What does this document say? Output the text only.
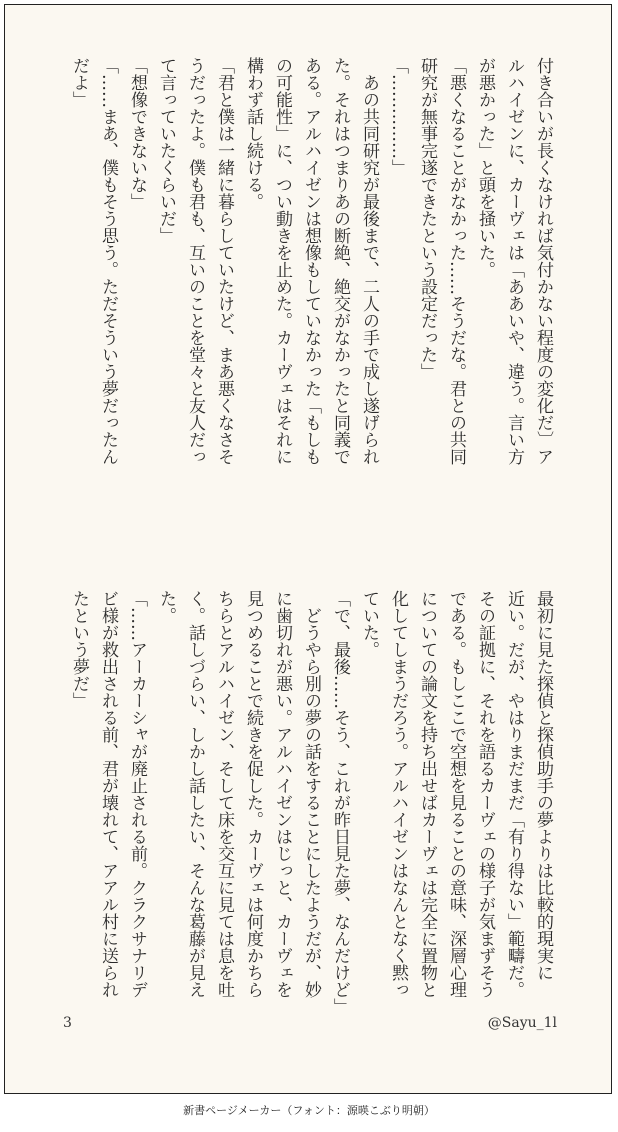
付き合いが長くなければ気付かない程度の変化だ〕ア

ルハイゼンに、カーヴェは「ああいや、違う。言い方

が悪かった」と頭を掻いた。

「悪くなることがなかった……そうだな。君との共同

研究が無事完遂できたという設定だった」

「……………」

　あの共同研究が最後まで、二人の手で成し遂げられ

た。それはつまりあの断絶、絶交がなかったと同義で

ある。アルハイゼンは想像もしていなかった「もしも

の可能性」に、つい動きを止めた。カーヴェはそれに

構わず話し続ける。

「君と僕は一緒に暮らしていたけど、まあ悪くなさそ

うだったよ。僕も君も、互いのことを堂々と友人だっ

て言っていたくらいだ」

「想像できないな」

「……まあ、僕もそう思う。ただそういう夢だったん

だよ」

最初に見た探偵と探偵助手の夢よりは比較的現実に

近い。だが、やはりまだまだ「有り得ない」範疇だ。

その証拠に、それを語るカーヴェの様子が気まずそう

である。もしここで空想を見ることの意味、深層心理

についての論文を持ち出せばカーヴェは完全に置物と

化してしまうだろう。アルハイゼンはなんとなく黙っ

ていた。

「で、最後……そう、これが昨日見た夢、なんだけど」

　どうやら別の夢の話をすることにしたようだが、妙

に歯切れが悪い。アルハイゼンはじっと、カーヴェを

見つめることで続きを促した。カーヴェは何度かちら

ちらとアルハイゼン、そして床を交互に見ては息を吐

く。話しづらい、しかし話したい、そんな葛藤が見え

た。

「……アーカーシャが廃止される前。クラクサナリデ

ビ様が救出される前、君が壊れて、アアル村に送られ

たという夢だ」

3	@Sayu_1l
新書ページメーカー（フォント：源暎こぶり明朝）
